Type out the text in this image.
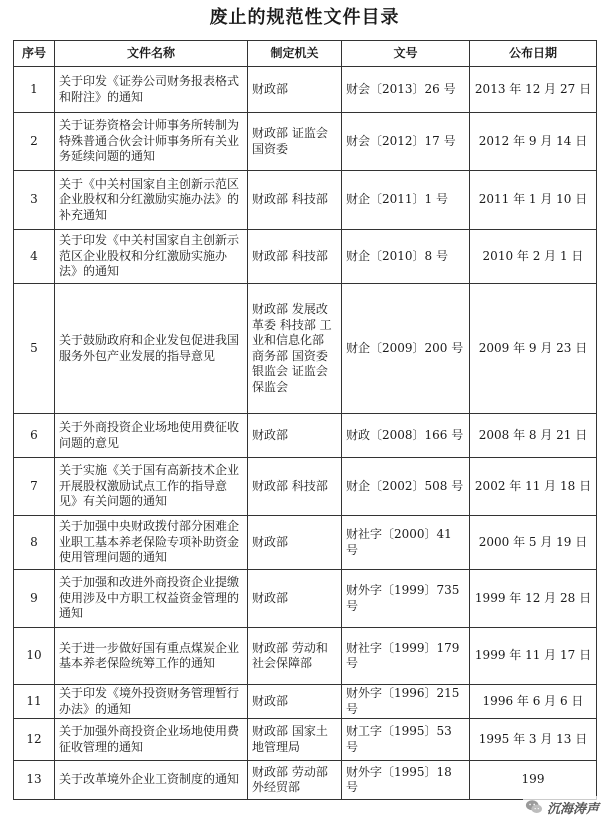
废止的规范性文件目录
序号	文件名称	制定机关	文号	公布日期
1	关于印发《证券公司财务报表格式和附注》的通知	财政部	财会〔2013〕26 号	2013 年 12 月 27 日
2	关于证券资格会计师事务所转制为特殊普通合伙会计师事务所有关业务延续问题的通知	财政部 证监会 国资委	财会〔2012〕17 号	2012 年 9 月 14 日
3	关于《中关村国家自主创新示范区企业股权和分红激励实施办法》的补充通知	财政部 科技部	财企〔2011〕1 号	2011 年 1 月 10 日
4	关于印发《中关村国家自主创新示范区企业股权和分红激励实施办法》的通知	财政部 科技部	财企〔2010〕8 号	2010 年 2 月 1 日
5	关于鼓励政府和企业发包促进我国服务外包产业发展的指导意见	财政部 发展改革委 科技部 工业和信息化部 商务部 国资委 银监会 证监会 保监会	财企〔2009〕200 号	2009 年 9 月 23 日
6	关于外商投资企业场地使用费征收问题的意见	财政部	财政〔2008〕166 号	2008 年 8 月 21 日
7	关于实施《关于国有高新技术企业开展股权激励试点工作的指导意见》有关问题的通知	财政部 科技部	财企〔2002〕508 号	2002 年 11 月 18 日
8	关于加强中央财政拨付部分困难企业职工基本养老保险专项补助资金使用管理问题的通知	财政部	财社字〔2000〕41 号	2000 年 5 月 19 日
9	关于加强和改进外商投资企业提缴使用涉及中方职工权益资金管理的通知	财政部	财外字〔1999〕735 号	1999 年 12 月 28 日
10	关于进一步做好国有重点煤炭企业基本养老保险统筹工作的通知	财政部 劳动和社会保障部	财社字〔1999〕179 号	1999 年 11 月 17 日
11	关于印发《境外投资财务管理暂行办法》的通知	财政部	财外字〔1996〕215 号	1996 年 6 月 6 日
12	关于加强外商投资企业场地使用费征收管理的通知	财政部 国家土地管理局	财工字〔1995〕53 号	1995 年 3 月 13 日
13	关于改革境外企业工资制度的通知	财政部 劳动部 外经贸部	财外字〔1995〕18 号	199
沉海涛声
